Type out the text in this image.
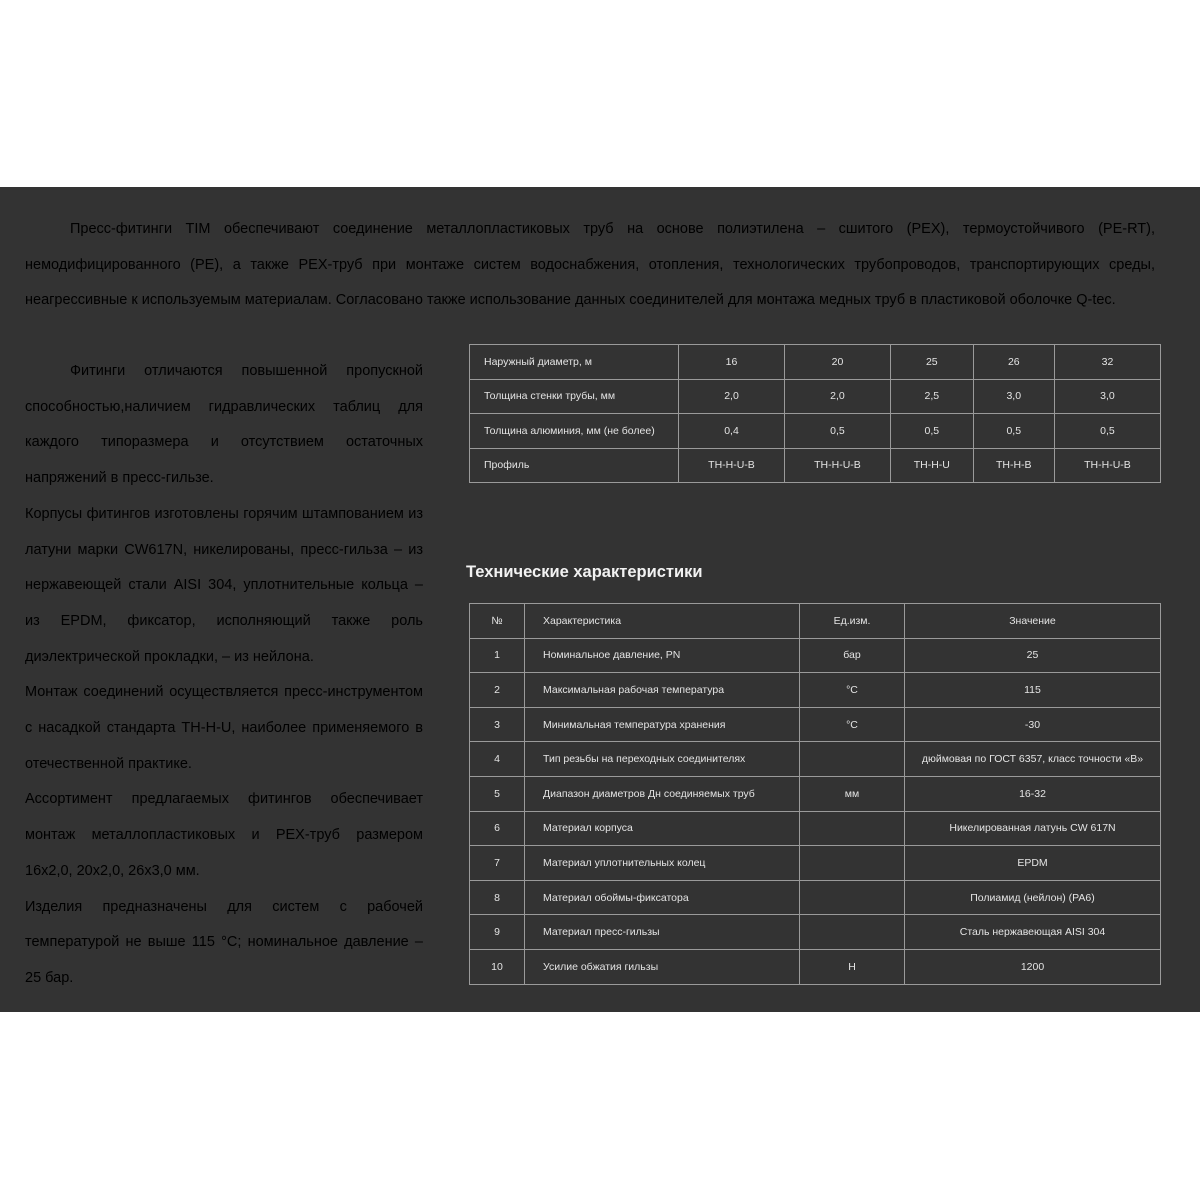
Пресс-фитинги TIM обеспечивают соединение металлопластиковых труб на основе полиэтилена – сшитого (PEX), термоустойчивого (PE-RT), немодифицированного (PE), а также PEX-труб при монтаже систем водоснабжения, отопления, технологических трубопроводов, транспортирующих среды, неагрессивные к используемым материалам. Согласовано также использование данных соединителей для монтажа медных труб в пластиковой оболочке Q-tec.

Фитинги отличаются повышенной пропускной способностью,наличием гидравлических таблиц для каждого типоразмера и отсутствием остаточных напряжений в пресс-гильзе.

Корпусы фитингов изготовлены горячим штампованием из латуни марки CW617N, никелированы, пресс-гильза – из нержавеющей стали AISI 304, уплотнительные кольца – из EPDM, фиксатор, исполняющий также роль диэлектрической прокладки, – из нейлона.

Монтаж соединений осуществляется пресс-инструментом с насадкой стандарта TH-H-U, наиболее применяемого в отечественной практике.

Ассортимент предлагаемых фитингов обеспечивает монтаж металлопластиковых и PEX-труб размером 16х2,0, 20х2,0, 26х3,0 мм.

Изделия предназначены для систем с рабочей температурой не выше 115 °С; номинальное давление – 25 бар.

Наружный диаметр, м	16	20	25	26	32
Толщина стенки трубы, мм	2,0	2,0	2,5	3,0	3,0
Толщина алюминия, мм (не более)	0,4	0,5	0,5	0,5	0,5
Профиль	TH-H-U-B	TH-H-U-B	TH-H-U	TH-H-B	TH-H-U-B
Технические характеристики
№	Характеристика	Ед.изм.	Значение
1	Номинальное давление, PN	бар	25
2	Максимальная рабочая температура	°С	115
3	Минимальная температура хранения	°С	-30
4	Тип резьбы на переходных соединителях		дюймовая по ГОСТ 6357, класс точности «В»
5	Диапазон диаметров Дн соединяемых труб	мм	16-32
6	Материал корпуса		Никелированная латунь CW 617N
7	Материал уплотнительных колец		EPDM
8	Материал обоймы-фиксатора		Полиамид (нейлон) (PA6)
9	Материал пресс-гильзы		Сталь нержавеющая AISI 304
10	Усилие обжатия гильзы	Н	1200
